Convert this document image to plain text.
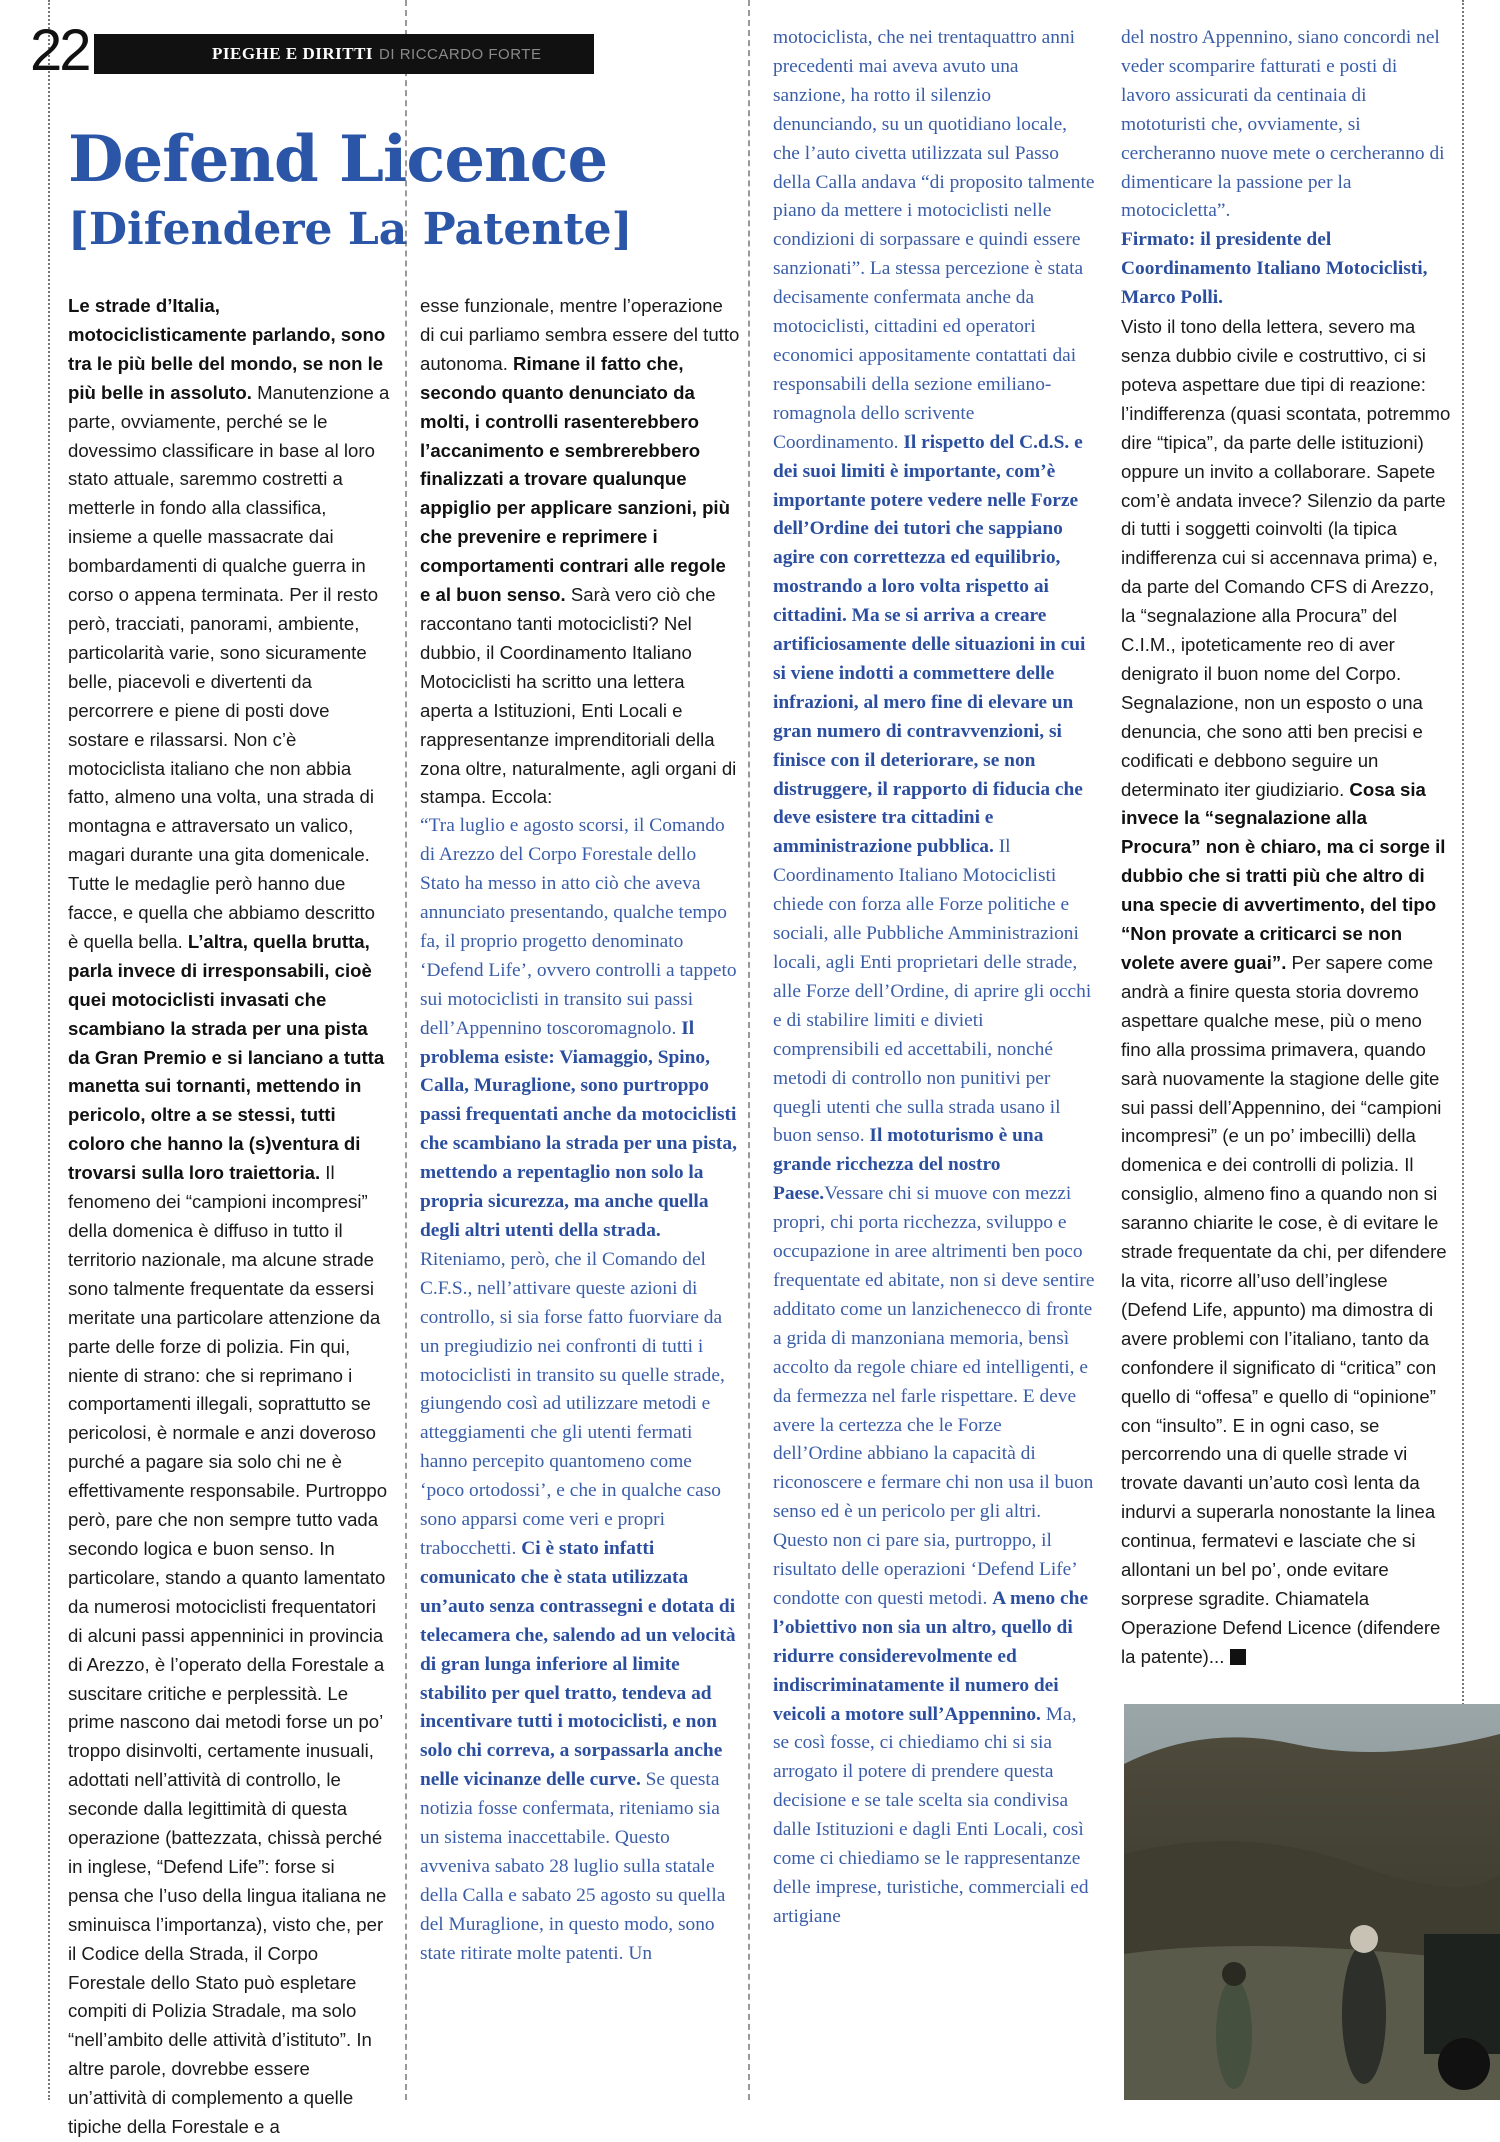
22	PIEGHE E DIRITTI DI RICCARDO FORTE
Defend Licence
[Difendere La Patente]
Le strade d’Italia, motociclisticamente parlando, sono tra le più belle del mondo, se non le più belle in assoluto. Manutenzione a parte, ovviamente, perché se le dovessimo classificare in base al loro stato attuale, saremmo costretti a metterle in fondo alla classifica, insieme a quelle massacrate dai bombardamenti di qualche guerra in corso o appena terminata. Per il resto però, tracciati, panorami, ambiente, particolarità varie, sono sicuramente belle, piacevoli e divertenti da percorrere e piene di posti dove sostare e rilassarsi. Non c’è motociclista italiano che non abbia fatto, almeno una volta, una strada di montagna e attraversato un valico, magari durante una gita domenicale. Tutte le medaglie però hanno due facce, e quella che abbiamo descritto è quella bella. L’altra, quella brutta, parla invece di irresponsabili, cioè quei motociclisti invasati che scambiano la strada per una pista da Gran Premio e si lanciano a tutta manetta sui tornanti, mettendo in pericolo, oltre a se stessi, tutti coloro che hanno la (s)ventura di trovarsi sulla loro traiettoria. Il fenomeno dei “campioni incompresi” della domenica è diffuso in tutto il territorio nazionale, ma alcune strade sono talmente frequentate da essersi meritate una particolare attenzione da parte delle forze di polizia. Fin qui, niente di strano: che si reprimano i comportamenti illegali, soprattutto se pericolosi, è normale e anzi doveroso purché a pagare sia solo chi ne è effettivamente responsabile. Purtroppo però, pare che non sempre tutto vada secondo logica e buon senso. In particolare, stando a quanto lamentato da numerosi motociclisti frequentatori di alcuni passi appenninici in provincia di Arezzo, è l’operato della Forestale a suscitare critiche e perplessità. Le prime nascono dai metodi forse un po’ troppo disinvolti, certamente inusuali, adottati nell’attività di controllo, le seconde dalla legittimità di questa operazione (battezzata, chissà perché in inglese, “Defend Life”: forse si pensa che l’uso della lingua italiana ne sminuisca l’importanza), visto che, per il Codice della Strada, il Corpo Forestale dello Stato può espletare compiti di Polizia Stradale, ma solo “nell’ambito delle attività d’istituto”. In altre parole, dovrebbe essere un’attività di complemento a quelle tipiche della Forestale e a
esse funzionale, mentre l’operazione di cui parliamo sembra essere del tutto autonoma. Rimane il fatto che, secondo quanto denunciato da molti, i controlli rasenterebbero l’accanimento e sembrerebbero finalizzati a trovare qualunque appiglio per applicare sanzioni, più che prevenire e reprimere i comportamenti contrari alle regole e al buon senso. Sarà vero ciò che raccontano tanti motociclisti? Nel dubbio, il Coordinamento Italiano Motociclisti ha scritto una lettera aperta a Istituzioni, Enti Locali e rappresentanze imprenditoriali della zona oltre, naturalmente, agli organi di stampa. Eccola:
“Tra luglio e agosto scorsi, il Comando di Arezzo del Corpo Forestale dello Stato ha messo in atto ciò che aveva annunciato presentando, qualche tempo fa, il proprio progetto denominato ‘Defend Life’, ovvero controlli a tappeto sui motociclisti in transito sui passi dell’Appennino toscoromagnolo. Il problema esiste: Viamaggio, Spino, Calla, Muraglione, sono purtroppo passi frequentati anche da motociclisti che scambiano la strada per una pista, mettendo a repentaglio non solo la propria sicurezza, ma anche quella degli altri utenti della strada. Riteniamo, però, che il Comando del C.F.S., nell’attivare queste azioni di controllo, si sia forse fatto fuorviare da un pregiudizio nei confronti di tutti i motociclisti in transito su quelle strade, giungendo così ad utilizzare metodi e atteggiamenti che gli utenti fermati hanno percepito quantomeno come ‘poco ortodossi’, e che in qualche caso sono apparsi come veri e propri trabocchetti. Ci è stato infatti comunicato che è stata utilizzata un’auto senza contrassegni e dotata di telecamera che, salendo ad un velocità di gran lunga inferiore al limite stabilito per quel tratto, tendeva ad incentivare tutti i motociclisti, e non solo chi correva, a sorpassarla anche nelle vicinanze delle curve. Se questa notizia fosse confermata, riteniamo sia un sistema inaccettabile. Questo avveniva sabato 28 luglio sulla statale della Calla e sabato 25 agosto su quella del Muraglione, in questo modo, sono state ritirate molte patenti. Un
motociclista, che nei trentaquattro anni precedenti mai aveva avuto una sanzione, ha rotto il silenzio denunciando, su un quotidiano locale, che l’auto civetta utilizzata sul Passo della Calla andava “di proposito talmente piano da mettere i motociclisti nelle condizioni di sorpassare e quindi essere sanzionati”. La stessa percezione è stata decisamente confermata anche da motociclisti, cittadini ed operatori economici appositamente contattati dai responsabili della sezione emiliano-romagnola dello scrivente Coordinamento. Il rispetto del C.d.S. e dei suoi limiti è importante, com’è importante potere vedere nelle Forze dell’Ordine dei tutori che sappiano agire con correttezza ed equilibrio, mostrando a loro volta rispetto ai cittadini. Ma se si arriva a creare artificiosamente delle situazioni in cui si viene indotti a commettere delle infrazioni, al mero fine di elevare un gran numero di contravvenzioni, si finisce con il deteriorare, se non distruggere, il rapporto di fiducia che deve esistere tra cittadini e amministrazione pubblica. Il Coordinamento Italiano Motociclisti chiede con forza alle Forze politiche e sociali, alle Pubbliche Amministrazioni locali, agli Enti proprietari delle strade, alle Forze dell’Ordine, di aprire gli occhi e di stabilire limiti e divieti comprensibili ed accettabili, nonché metodi di controllo non punitivi per quegli utenti che sulla strada usano il buon senso. Il mototurismo è una grande ricchezza del nostro Paese.Vessare chi si muove con mezzi propri, chi porta ricchezza, sviluppo e occupazione in aree altrimenti ben poco frequentate ed abitate, non si deve sentire additato come un lanzichenecco di fronte a grida di manzoniana memoria, bensì accolto da regole chiare ed intelligenti, e da fermezza nel farle rispettare. E deve avere la certezza che le Forze dell’Ordine abbiano la capacità di riconoscere e fermare chi non usa il buon senso ed è un pericolo per gli altri. Questo non ci pare sia, purtroppo, il risultato delle operazioni ‘Defend Life’ condotte con questi metodi. A meno che l’obiettivo non sia un altro, quello di ridurre considerevolmente ed indiscriminatamente il numero dei veicoli a motore sull’Appennino. Ma, se così fosse, ci chiediamo chi si sia arrogato il potere di prendere questa decisione e se tale scelta sia condivisa dalle Istituzioni e dagli Enti Locali, così come ci chiediamo se le rappresentanze delle imprese, turistiche, commerciali ed artigiane
del nostro Appennino, siano concordi nel veder scomparire fatturati e posti di lavoro assicurati da centinaia di mototuristi che, ovviamente, si cercheranno nuove mete o cercheranno di dimenticare la passione per la motocicletta”.
Firmato: il presidente del Coordinamento Italiano Motociclisti, Marco Polli.
Visto il tono della lettera, severo ma senza dubbio civile e costruttivo, ci si poteva aspettare due tipi di reazione: l’indifferenza (quasi scontata, potremmo dire “tipica”, da parte delle istituzioni) oppure un invito a collaborare. Sapete com’è andata invece? Silenzio da parte di tutti i soggetti coinvolti (la tipica indifferenza cui si accennava prima) e, da parte del Comando CFS di Arezzo, la “segnalazione alla Procura” del C.I.M., ipoteticamente reo di aver denigrato il buon nome del Corpo. Segnalazione, non un esposto o una denuncia, che sono atti ben precisi e codificati e debbono seguire un determinato iter giudiziario. Cosa sia invece la “segnalazione alla Procura” non è chiaro, ma ci sorge il dubbio che si tratti più che altro di una specie di avvertimento, del tipo “Non provate a criticarci se non volete avere guai”. Per sapere come andrà a finire questa storia dovremo aspettare qualche mese, più o meno fino alla prossima primavera, quando sarà nuovamente la stagione delle gite sui passi dell’Appennino, dei “campioni incompresi” (e un po’ imbecilli) della domenica e dei controlli di polizia. Il consiglio, almeno fino a quando non si saranno chiarite le cose, è di evitare le strade frequentate da chi, per difendere la vita, ricorre all’uso dell’inglese (Defend Life, appunto) ma dimostra di avere problemi con l’italiano, tanto da confondere il significato di “critica” con quello di “offesa” e quello di “opinione” con “insulto”. E in ogni caso, se percorrendo una di quelle strade vi trovate davanti un’auto così lenta da indurvi a superarla nonostante la linea continua, fermatevi e lasciate che si allontani un bel po’, onde evitare sorprese sgradite. Chiamatela Operazione Defend Licence (difendere la patente)...
